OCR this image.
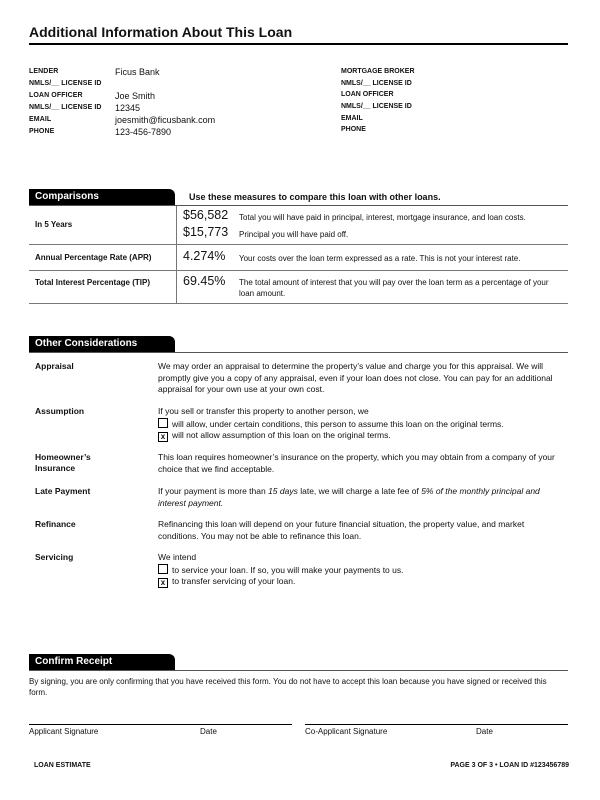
Additional Information About This Loan
LENDER	Ficus Bank
NMLS/__ LICENSE ID
LOAN OFFICER	Joe Smith
NMLS/__ LICENSE ID	12345
EMAIL	joesmith@ficusbank.com
PHONE	123-456-7890
MORTGAGE BROKER
NMLS/__ LICENSE ID
LOAN OFFICER
NMLS/__ LICENSE ID
EMAIL
PHONE
Comparisons	Use these measures to compare this loan with other loans.
In 5 Years
$56,582 Total you will have paid in principal, interest, mortgage insurance, and loan costs.
$15,773 Principal you will have paid off.
Annual Percentage Rate (APR)	4.274% Your costs over the loan term expressed as a rate. This is not your interest rate.
Total Interest Percentage (TIP)	69.45% The total amount of interest that you will pay over the loan term as a percentage of your loan amount.
Other Considerations
Appraisal	We may order an appraisal to determine the property’s value and charge you for this appraisal. We will promptly give you a copy of any appraisal, even if your loan does not close. You can pay for an additional appraisal for your own use at your own cost.
Assumption	If you sell or transfer this property to another person, we
will allow, under certain conditions, this person to assume this loan on the original terms.
x will not allow assumption of this loan on the original terms.
Homeowner’s Insurance
This loan requires homeowner’s insurance on the property, which you may obtain from a company of your choice that we find acceptable.
Late Payment	If your payment is more than 15 days late, we will charge a late fee of 5% of the monthly principal and interest payment.
Refinance	Refinancing this loan will depend on your future financial situation, the property value, and market conditions. You may not be able to refinance this loan.
Servicing	We intend
to service your loan. If so, you will make your payments to us.
x to transfer servicing of your loan.
Confirm Receipt
By signing, you are only confirming that you have received this form. You do not have to accept this loan because you have signed or received this form.
Applicant Signature	Date	Co-Applicant Signature	Date
LOAN ESTIMATE	PAGE 3 OF 3 • LOAN ID #123456789
